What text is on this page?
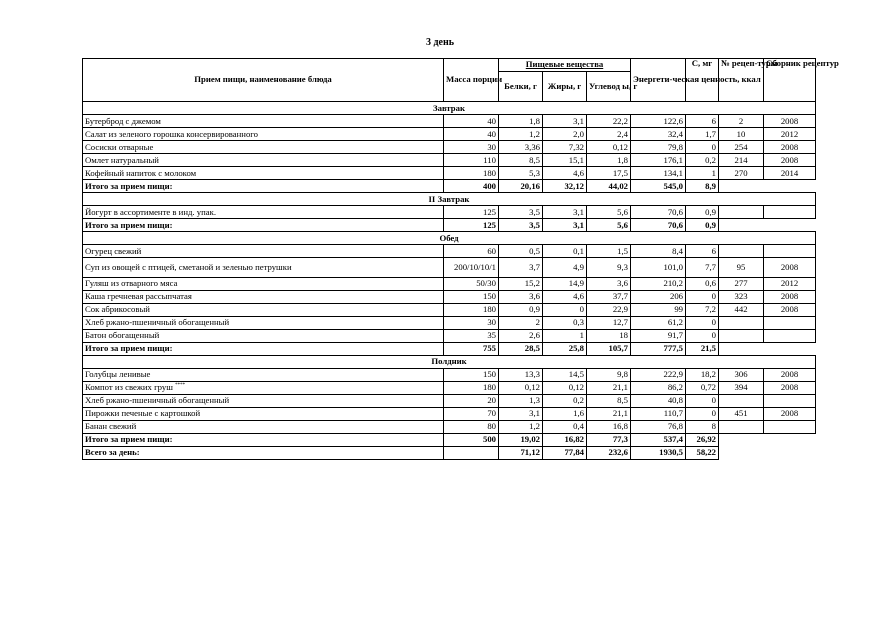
3 день
Прием пищи, наименование блюда	Масса порции	Пищевые вещества			Энергети-ческая ценность, ккал	С, мг	№ рецеп-туры	Сборник рецептур
		Белки, г	Жиры, г	Углевод ы, г				
Завтрак								
Бутерброд с джемом	40	1,8	3,1	22,2	122,6	6	2	2008
Салат из зеленого горошка консервированного	40	1,2	2,0	2,4	32,4	1,7	10	2012
Сосиски отварные	30	3,36	7,32	0,12	79,8	0	254	2008
Омлет натуральный	110	8,5	15,1	1,8	176,1	0,2	214	2008
Кофейный напиток с молоком	180	5,3	4,6	17,5	134,1	1	270	2014
Итого за прием пищи:	400	20,16	32,12	44,02	545,0	8,9		
II Завтрак								
Йогурт в ассортименте в инд. упак.	125	3,5	3,1	5,6	70,6	0,9		
Итого за прием пищи:	125	3,5	3,1	5,6	70,6	0,9		
Обед								
Огурец свежий	60	0,5	0,1	1,5	8,4	6		
Суп из овощей с птицей, сметаной и зеленью петрушки	200/10/10/1	3,7	4,9	9,3	101,0	7,7	95	2008
Гуляш из отварного мяса	50/30	15,2	14,9	3,6	210,2	0,6	277	2012
Каша гречневая рассыпчатая	150	3,6	4,6	37,7	206	0	323	2008
Сок абрикосовый	180	0,9	0	22,9	99	7,2	442	2008
Хлеб ржано-пшеничный обогащенный	30	2	0,3	12,7	61,2	0		
Батон обогащенный	35	2,6	1	18	91,7	0		
Итого за прием пищи:	755	28,5	25,8	105,7	777,5	21,5		
Полдник								
Голубцы ленивые	150	13,3	14,5	9,8	222,9	18,2	306	2008
Компот из свежих груш ****	180	0,12	0,12	21,1	86,2	0,72	394	2008
Хлеб ржано-пшеничный обогащенный	20	1,3	0,2	8,5	40,8	0		
Пирожки печеные с картошкой	70	3,1	1,6	21,1	110,7	0	451	2008
Банан свежий	80	1,2	0,4	16,8	76,8	8		
Итого за прием пищи:	500	19,02	16,82	77,3	537,4	26,92		
Всего за день:		71,12	77,84	232,6	1930,5	58,22		
